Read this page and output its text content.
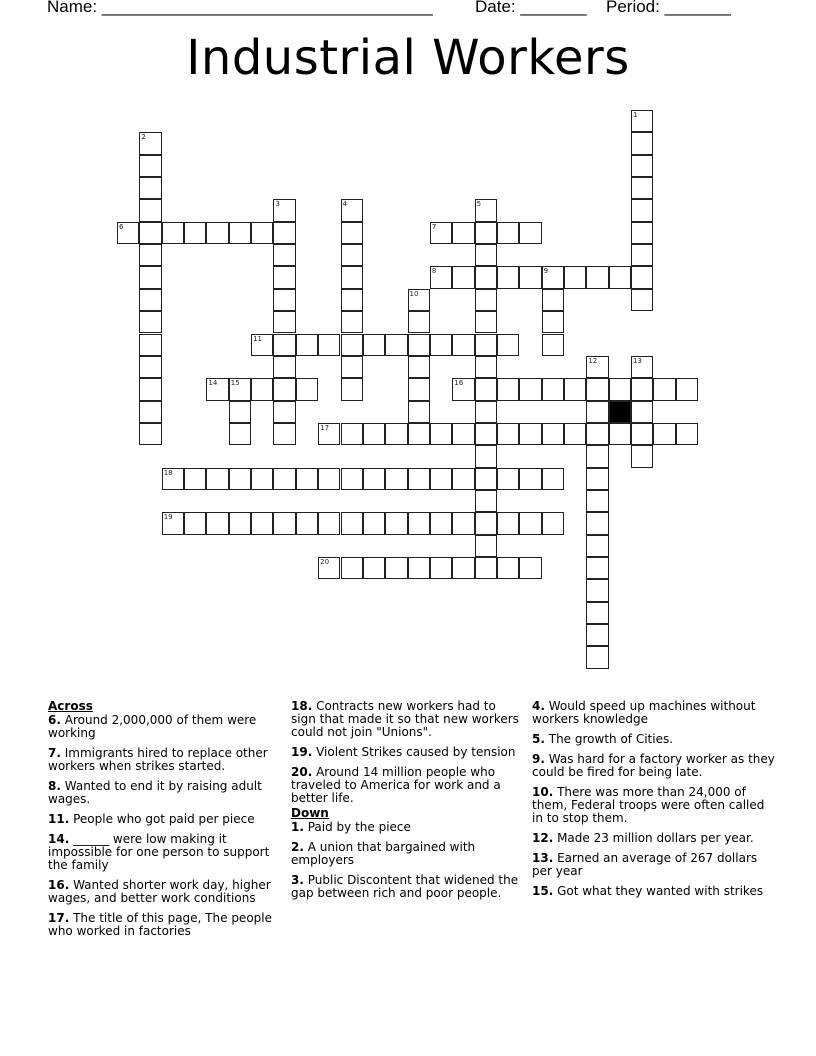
Name: ___________________________________ Date: _______ Period: _______
Industrial Workers
1
2
3	4	5
6	7
8	9
10
11
12	13
14 15	16
17
18
19
20
Across
6. Around 2,000,000 of them were working
7. Immigrants hired to replace other workers when strikes started.
8. Wanted to end it by raising adult wages.
11. People who got paid per piece
14. ______ were low making it impossible for one person to support the family
16. Wanted shorter work day, higher wages, and better work conditions
17. The title of this page, The people who worked in factories
18. Contracts new workers had to sign that made it so that new workers could not join "Unions".
19. Violent Strikes caused by tension
20. Around 14 million people who traveled to America for work and a better life.
Down
1. Paid by the piece
2. A union that bargained with employers
3. Public Discontent that widened the gap between rich and poor people.
4. Would speed up machines without workers knowledge
5. The growth of Cities.
9. Was hard for a factory worker as they could be fired for being late.
10. There was more than 24,000 of them, Federal troops were often called in to stop them.
12. Made 23 million dollars per year.
13. Earned an average of 267 dollars per year
15. Got what they wanted with strikes
